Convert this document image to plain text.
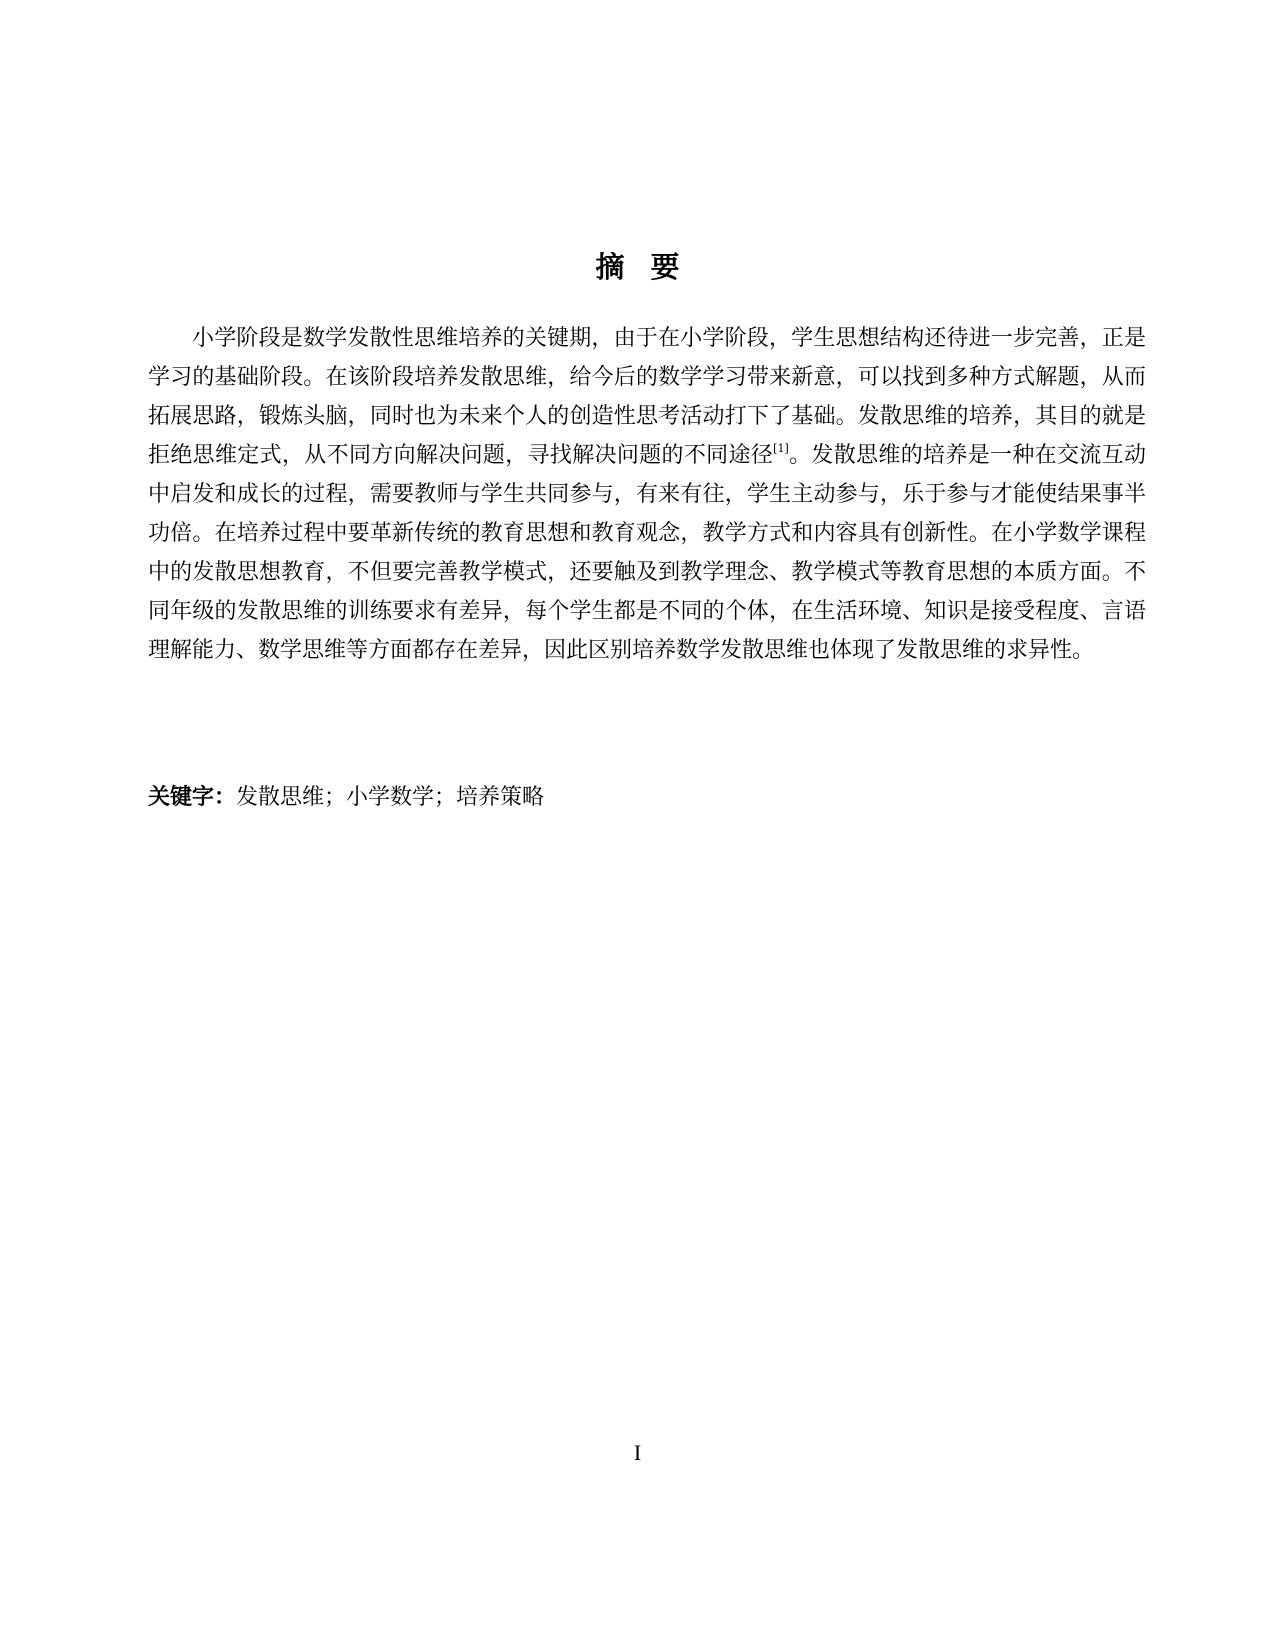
摘要

小学阶段是数学发散性思维培养的关键期，由于在小学阶段，学生思想结构还待进一步完善，正是学习的基础阶段。在该阶段培养发散思维，给今后的数学学习带来新意，可以找到多种方式解题，从而拓展思路，锻炼头脑，同时也为未来个人的创造性思考活动打下了基础。发散思维的培养，其目的就是拒绝思维定式，从不同方向解决问题，寻找解决问题的不同途径[1]。发散思维的培养是一种在交流互动中启发和成长的过程，需要教师与学生共同参与，有来有往，学生主动参与，乐于参与才能使结果事半功倍。在培养过程中要革新传统的教育思想和教育观念，教学方式和内容具有创新性。在小学数学课程中的发散思想教育，不但要完善教学模式，还要触及到教学理念、教学模式等教育思想的本质方面。不同年级的发散思维的训练要求有差异，每个学生都是不同的个体，在生活环境、知识是接受程度、言语理解能力、数学思维等方面都存在差异，因此区别培养数学发散思维也体现了发散思维的求异性。

关键字：发散思维；小学数学；培养策略

I
